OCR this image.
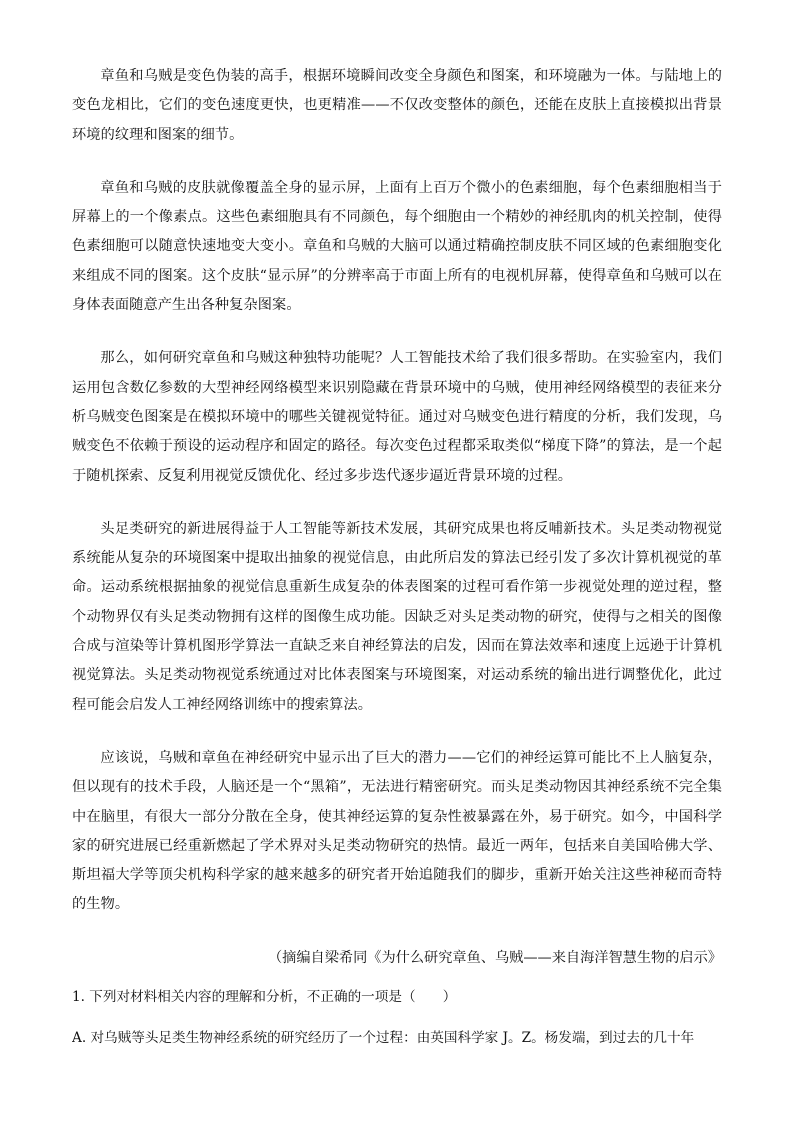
章鱼和乌贼是变色伪装的高手，根据环境瞬间改变全身颜色和图案，和环境融为一体。与陆地上的变色龙相比，它们的变色速度更快，也更精准——不仅改变整体的颜色，还能在皮肤上直接模拟出背景环境的纹理和图案的细节。

章鱼和乌贼的皮肤就像覆盖全身的显示屏，上面有上百万个微小的色素细胞，每个色素细胞相当于屏幕上的一个像素点。这些色素细胞具有不同颜色，每个细胞由一个精妙的神经肌肉的机关控制，使得色素细胞可以随意快速地变大变小。章鱼和乌贼的大脑可以通过精确控制皮肤不同区域的色素细胞变化来组成不同的图案。这个皮肤“显示屏”的分辨率高于市面上所有的电视机屏幕，使得章鱼和乌贼可以在身体表面随意产生出各种复杂图案。

那么，如何研究章鱼和乌贼这种独特功能呢？人工智能技术给了我们很多帮助。在实验室内，我们运用包含数亿参数的大型神经网络模型来识别隐藏在背景环境中的乌贼，使用神经网络模型的表征来分析乌贼变色图案是在模拟环境中的哪些关键视觉特征。通过对乌贼变色进行精度的分析，我们发现，乌贼变色不依赖于预设的运动程序和固定的路径。每次变色过程都采取类似“梯度下降”的算法，是一个起于随机探索、反复利用视觉反馈优化、经过多步迭代逐步逼近背景环境的过程。

头足类研究的新进展得益于人工智能等新技术发展，其研究成果也将反哺新技术。头足类动物视觉系统能从复杂的环境图案中提取出抽象的视觉信息，由此所启发的算法已经引发了多次计算机视觉的革命。运动系统根据抽象的视觉信息重新生成复杂的体表图案的过程可看作第一步视觉处理的逆过程，整个动物界仅有头足类动物拥有这样的图像生成功能。因缺乏对头足类动物的研究，使得与之相关的图像合成与渲染等计算机图形学算法一直缺乏来自神经算法的启发，因而在算法效率和速度上远逊于计算机视觉算法。头足类动物视觉系统通过对比体表图案与环境图案，对运动系统的输出进行调整优化，此过程可能会启发人工神经网络训练中的搜索算法。

应该说，乌贼和章鱼在神经研究中显示出了巨大的潜力——它们的神经运算可能比不上人脑复杂，但以现有的技术手段，人脑还是一个“黑箱”，无法进行精密研究。而头足类动物因其神经系统不完全集中在脑里，有很大一部分分散在全身，使其神经运算的复杂性被暴露在外，易于研究。如今，中国科学家的研究进展已经重新燃起了学术界对头足类动物研究的热情。最近一两年，包括来自美国哈佛大学、斯坦福大学等顶尖机构科学家的越来越多的研究者开始追随我们的脚步，重新开始关注这些神秘而奇特的生物。

（摘编自梁希同《为什么研究章鱼、乌贼——来自海洋智慧生物的启示》

1. 下列对材料相关内容的理解和分析，不正确的一项是（　　）

A. 对乌贼等头足类生物神经系统的研究经历了一个过程：由英国科学家 J。Z。杨发端，到过去的几十年
